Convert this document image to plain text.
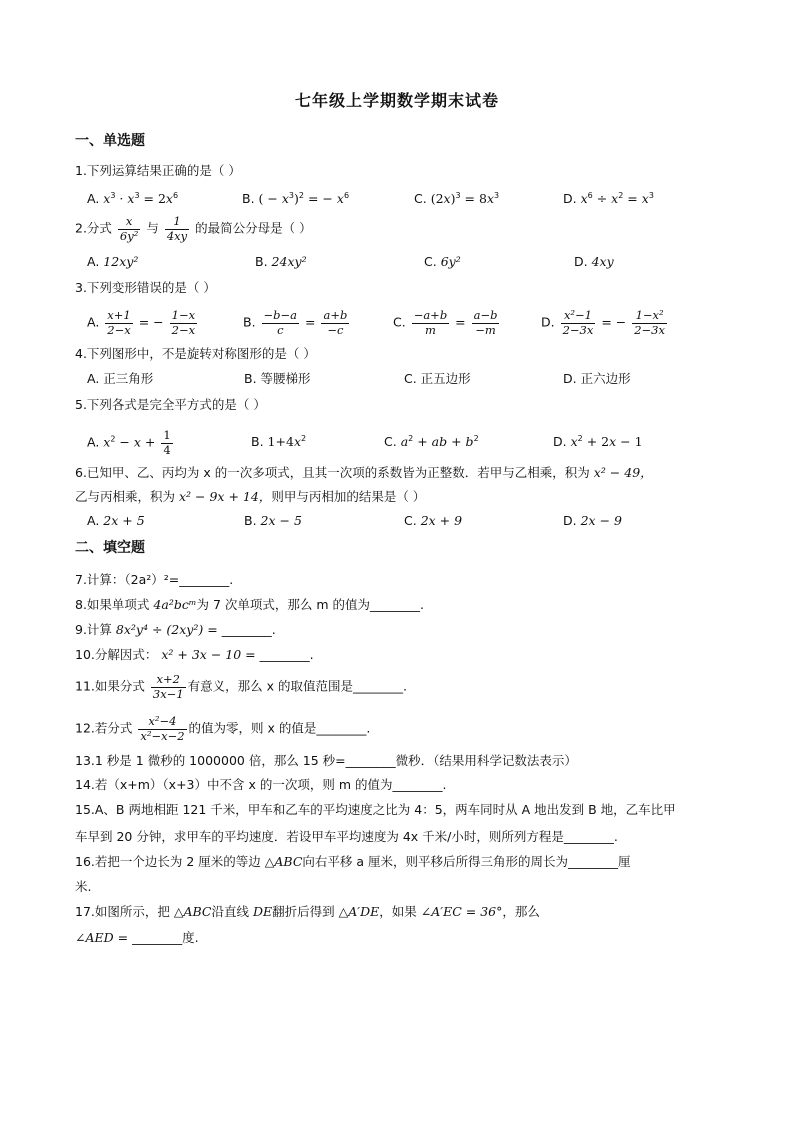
七年级上学期数学期末试卷
一、单选题
1.下列运算结果正确的是（ ）
A. $x^3 \cdot x^3 = 2x^6$	B. ( − $x^3)^2$ = − $x^6$	C. $(2x)^3 = 8x^3$	D. $x^6 \div x^2 = x^3$
2.分式 $\frac{x}{\text{6y²}}$ 与 $\frac{1}{4xy}$ 的最简公分母是（ ）
A. 12xy²	B. 24xy²	C. 6y²	D. 4xy
3.下列变形错误的是（ ）
A. $\frac{x+1}{2-x}$ = − $\frac{1-x}{2-x}$	B. $\frac{-b-a}{c} = \frac{a+b}{-c}$	C. $\frac{-a+b}{m} = \frac{a-b}{-m}$	D. $\frac{\text{x²−1}}{2-3x}$ = − $\frac{\text{1−x²}}{2-3x}$
4.下列图形中，不是旋转对称图形的是（ ）
A. 正三角形	B. 等腰梯形	C. 正五边形	D. 正六边形
5.下列各式是完全平方式的是（ ）
A. $x^2 - x + \frac{1}{4}$	B. $1+4x^2$	C. $a^2$ + ab + $b^2$	D. $x^2 + 2x - 1$
6.已知甲、乙、丙均为 x 的一次多项式，且其一次项的系数皆为正整数．若甲与乙相乘，积为 x² − 49，
乙与丙相乘，积为 x² − 9x + 14，则甲与丙相加的结果是（ ）
A. 2x + 5	B. 2x − 5	C. 2x + 9	D. 2x − 9
二、填空题
7.计算：（2a²）²=________.
8.如果单项式 4a²bcᵐ为 7 次单项式，那么 m 的值为________.
9.计算 8x²y⁴ ÷ (2xy²) = ________.
10.分解因式： x² + 3x − 10 = ________.
11.如果分式 $\frac{x+2}{3x-1}$ 有意义，那么 x 的取值范围是________.
12.若分式 $\frac{\text{x²−4}}{\text{x²−x−2}}$ 的值为零，则 x 的值是________.
13.1 秒是 1 微秒的 1000000 倍，那么 15 秒=________微秒．（结果用科学记数法表示）
14.若（x+m）（x+3）中不含 x 的一次项，则 m 的值为________.
15.A、B 两地相距 121 千米，甲车和乙车的平均速度之比为 4：5，两车同时从 A 地出发到 B 地，乙车比甲
车早到 20 分钟，求甲车的平均速度．若设甲车平均速度为 4x 千米/小时，则所列方程是________.
16.若把一个边长为 2 厘米的等边 △ABC向右平移 a 厘米，则平移后所得三角形的周长为________厘
米.
17.如图所示，把 △ABC沿直线 DE翻折后得到 △A′DE，如果 ∠A′EC = 36°，那么
∠AED = ________度.
